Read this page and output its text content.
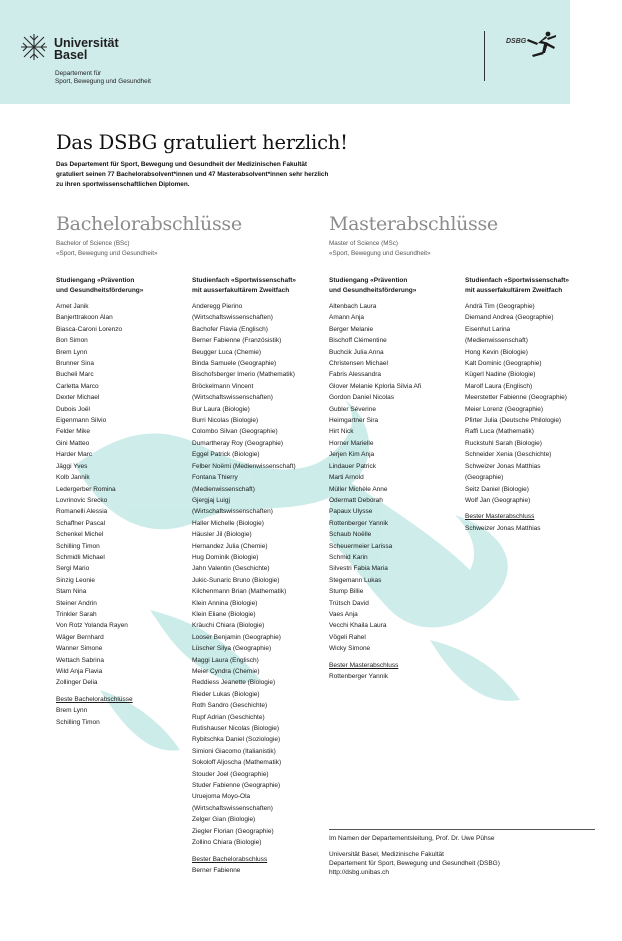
Universität
Basel
Departement für
Sport, Bewegung und Gesundheit
DSBG
Das DSBG gratuliert herzlich!
Das Departement für Sport, Bewegung und Gesundheit der Medizinischen Fakultät
gratuliert seinen 77 Bachelorabsolvent*innen und 47 Masterabsolvent*innen sehr herzlich
zu ihren sportwissenschaftlichen Diplomen.
Bachelorabschlüsse
Bachelor of Science (BSc)
«Sport, Bewegung und Gesundheit»
Masterabschlüsse
Master of Science (MSc)
«Sport, Bewegung und Gesundheit»
Studiengang «Prävention
und Gesundheitsförderung»
Arnet Janik
Banjerttrakoon Alan
Biasca-Caroni Lorenzo
Bon Simon
Brem Lynn
Brunner Sina
Bucheli Marc
Carletta Marco
Dexter Michael
Dubois Joël
Eigenmann Silvio
Felder Mike
Gini Matteo
Harder Marc
Jäggi Yves
Kolb Jannik
Ledergerber Romina
Lovrinovic Srecko
Romanelli Alessia
Schaffner Pascal
Schenkel Michel
Schilling Timon
Schmidli Michael
Sergi Mario
Sinzig Leonie
Stam Nina
Steiner Andrin
Trinkler Sarah
Von Rotz Yolanda Rayen
Wäger Bernhard
Wanner Simone
Wettach Sabrina
Wild Anja Flavia
Zollinger Delia
Beste Bachelorabschlüsse
Brem Lynn
Schilling Timon
Studienfach «Sportwissenschaft»
mit ausserfakultärem Zweitfach
Anderegg Pierino
(Wirtschaftswissenschaften)
Bachofer Flavia (Englisch)
Berner Fabienne (Französistik)
Beugger Luca (Chemie)
Binda Samuele (Geographie)
Bischofsberger Imerio (Mathematik)
Bröckelmann Vincent
(Wirtschaftswissenschaften)
Bur Laura (Biologie)
Burri Nicolas (Biologie)
Colombo Silvan (Geographie)
Dumartheray Roy (Geographie)
Eggel Patrick (Biologie)
Felber Noëmi (Medienwissenschaft)
Fontana Thierry
(Medienwissenschaft)
Gjergjaj Luigj
(Wirtschaftswissenschaften)
Haller Michelle (Biologie)
Häusler Jil (Biologie)
Hernandez Julia (Chemie)
Hug Dominik (Biologie)
Jahn Valentin (Geschichte)
Jukic-Sunaric Bruno (Biologie)
Kilchenmann Brian (Mathematik)
Klein Annina (Biologie)
Klein Eliane (Biologie)
Kräuchi Chiara (Biologie)
Looser Benjamin (Geographie)
Lüscher Silya (Geographie)
Maggi Laura (Englisch)
Meier Cyndra (Chemie)
Reddiess Jeanette (Biologie)
Rieder Lukas (Biologie)
Roth Sandro (Geschichte)
Rupf Adrian (Geschichte)
Rutishauser Nicolas (Biologie)
Rybitschka Daniel (Soziologie)
Simioni Giacomo (Italianistik)
Sokoloff Aljoscha (Mathematik)
Stouder Joel (Geographie)
Studer Fabienne (Geographie)
Uruejoma Moyo-Ola
(Wirtschaftswissenschaften)
Zelger Gian (Biologie)
Ziegler Florian (Geographie)
Zollino Chiara (Biologie)
Bester Bachelorabschluss
Berner Fabienne
Studiengang «Prävention
und Gesundheitsförderung»
Altenbach Laura
Amann Anja
Berger Melanie
Bischoff Clémentine
Buchcik Julia Anna
Christensen Michael
Fabris Alessandra
Glover Melanie Kplorla Silvia Afi
Gordon Daniel Nicolas
Gubler Séverine
Heimgartner Sira
Hirt Nick
Horner Marielle
Jerjen Kim Anja
Lindauer Patrick
Marti Arnold
Müller Michèle Anne
Odermatt Deborah
Papaux Ulysse
Rottenberger Yannik
Schaub Noëlle
Scheuermeier Larissa
Schmid Karin
Silvestri Fabia Maria
Stegemann Lukas
Stump Billie
Trütsch David
Vaes Anja
Vecchi Khaila Laura
Vögeli Rahel
Wicky Simone
Bester Masterabschluss
Rottenberger Yannik
Studienfach «Sportwissenschaft»
mit ausserfakultärem Zweitfach
Andrä Tim (Geographie)
Diemand Andrea (Geographie)
Eisenhut Larina
(Medienwissenschaft)
Hong Kevin (Biologie)
Kalt Dominic (Geographie)
Kügerl Nadine (Biologie)
Marolf Laura (Englisch)
Meerstetter Fabienne (Geographie)
Meier Lorenz (Geographie)
Pfirter Julia (Deutsche Philologie)
Raffi Luca (Mathematik)
Ruckstuhl Sarah (Biologie)
Schneider Xenia (Geschichte)
Schweizer Jonas Matthias
(Geographie)
Seitz Daniel (Biologie)
Wolf Jan (Geographie)
Bester Masterabschluss
Schweizer Jonas Matthias
Im Namen der Departementsleitung, Prof. Dr. Uwe Pühse
Universität Basel, Medizinische Fakultät
Departement für Sport, Bewegung und Gesundheit (DSBG)
http://dsbg.unibas.ch
